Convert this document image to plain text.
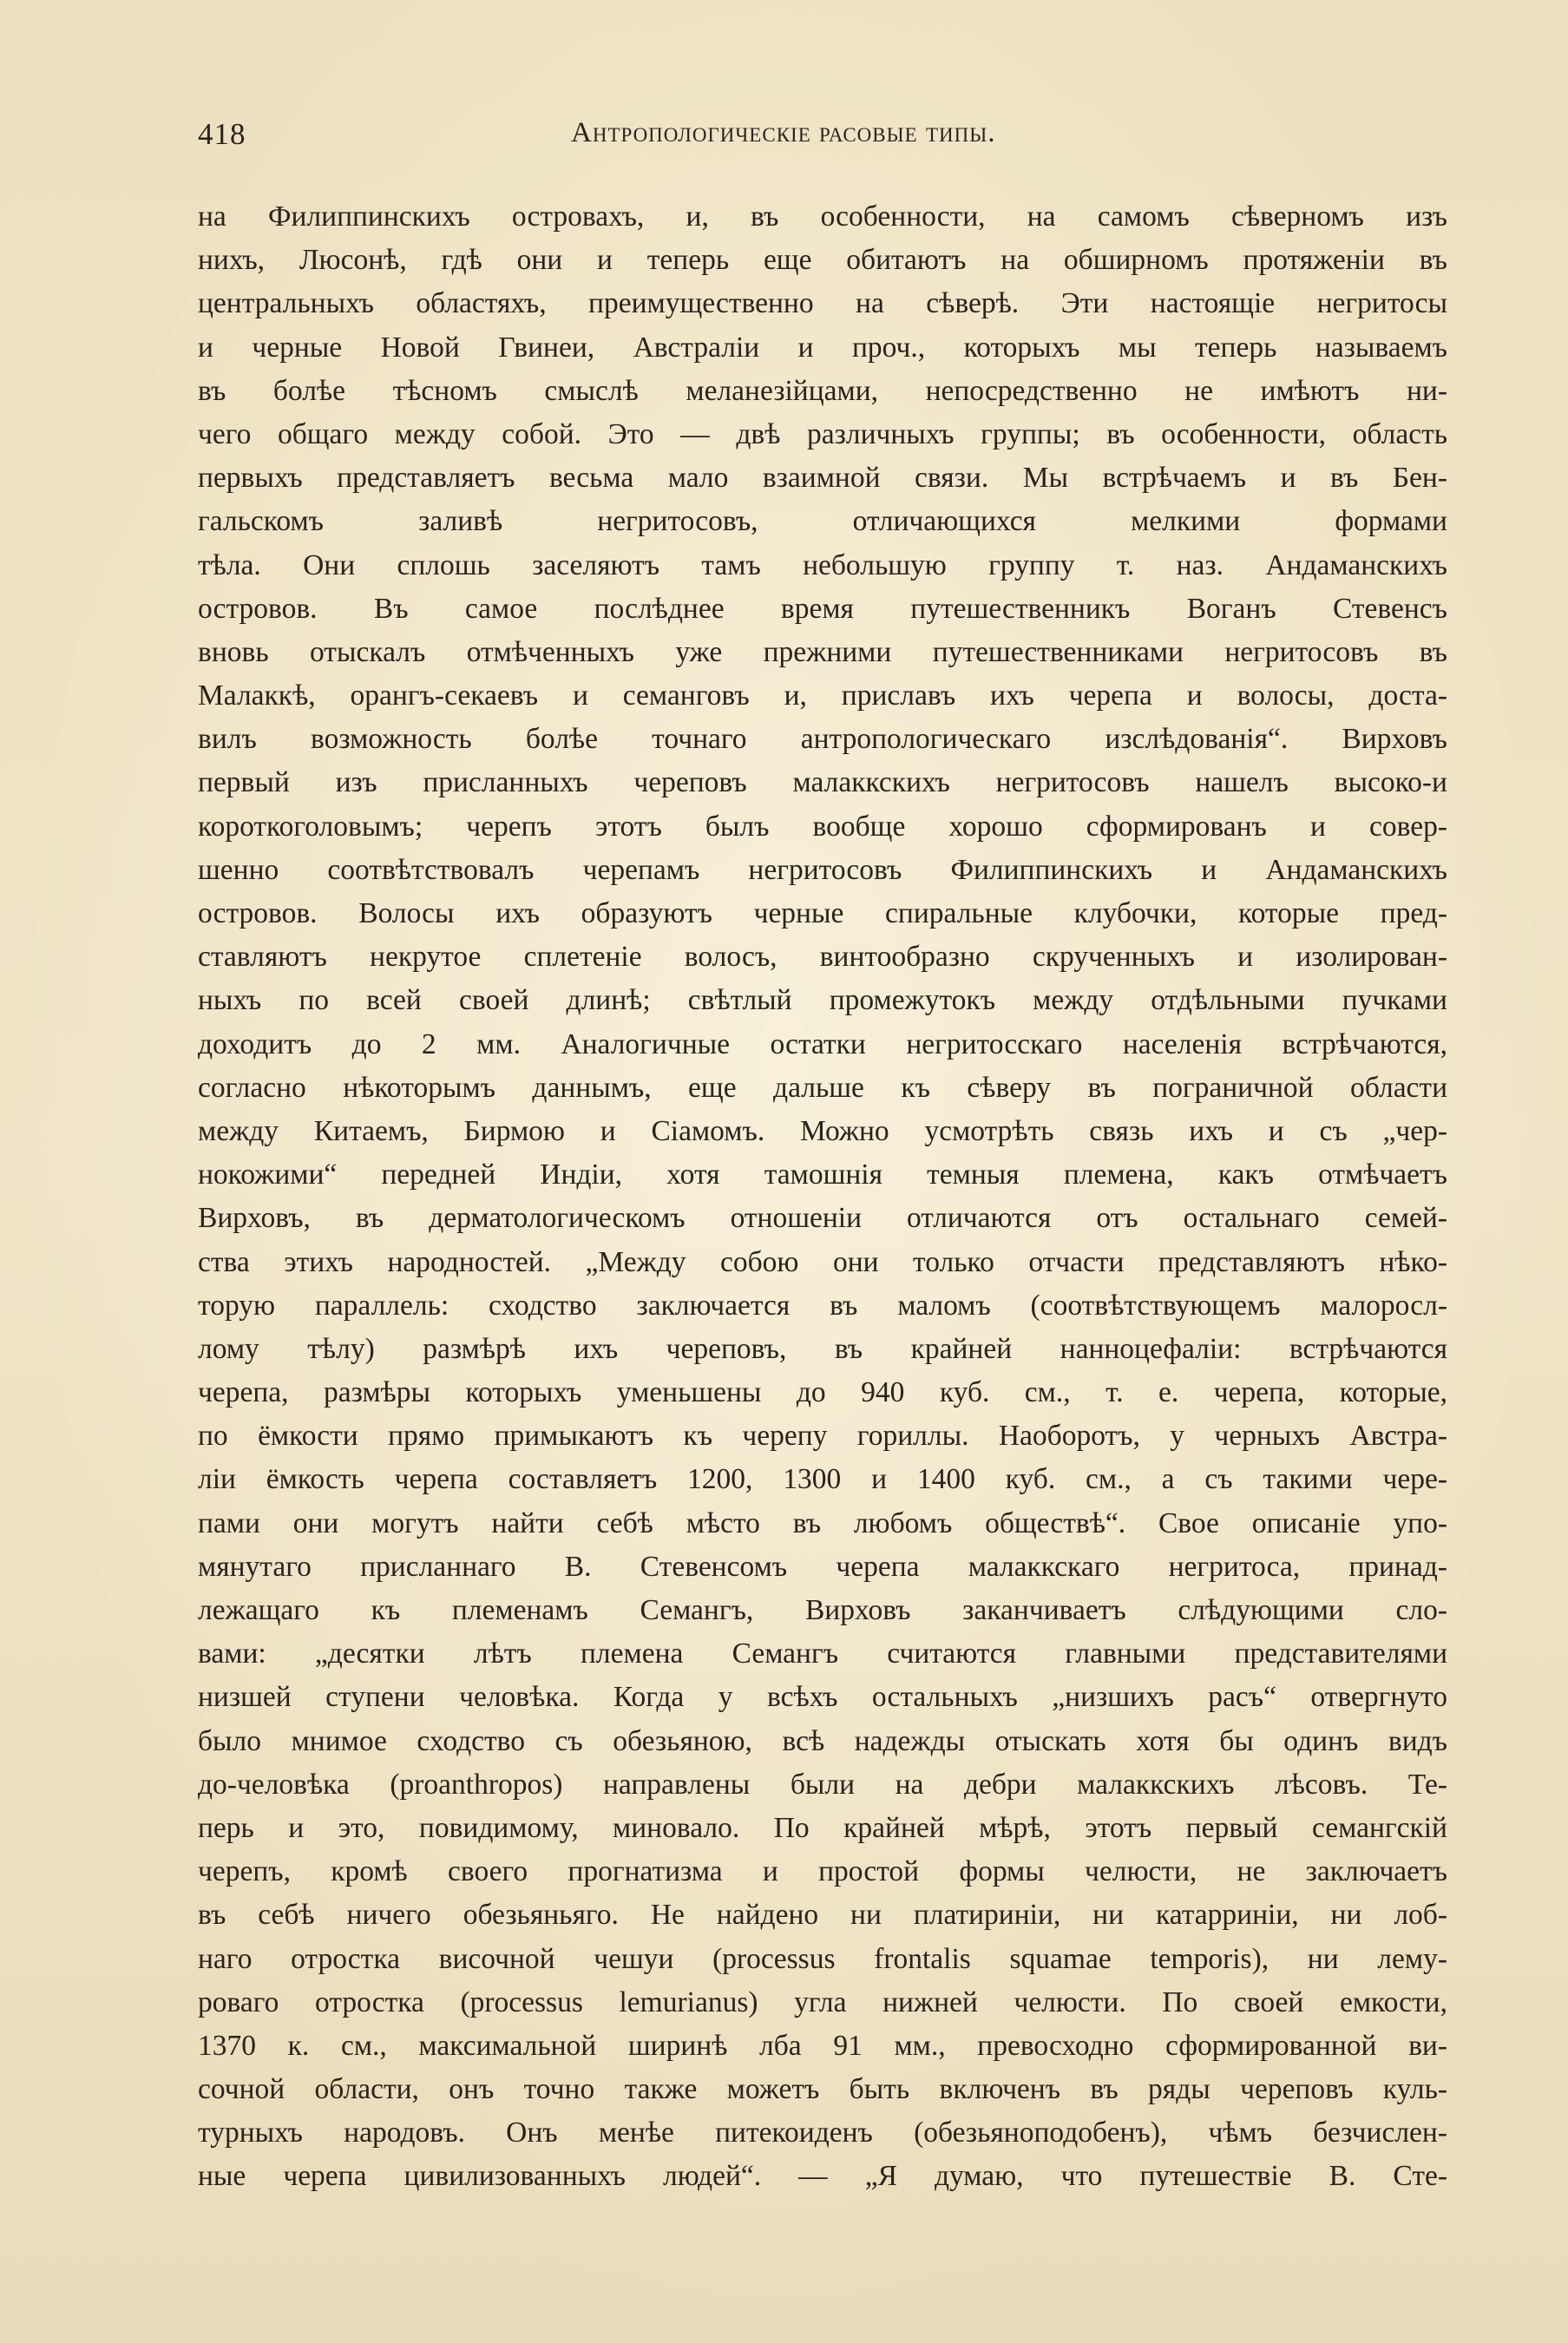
418	Антропологическiе расовые типы.
на Филиппинскихъ островахъ, и, въ особенности, на самомъ сѣверномъ изъ
нихъ, Люсонѣ, гдѣ они и теперь еще обитаютъ на обширномъ протяженiи въ
центральныхъ областяхъ, преимущественно на сѣверѣ. Эти настоящiе негритосы
и черные Новой Гвинеи, Австралiи и проч., которыхъ мы теперь называемъ
въ болѣе тѣсномъ смыслѣ меланезiйцами, непосредственно не имѣютъ ни-
чего общаго между собой. Это — двѣ различныхъ группы; въ особенности, область
первыхъ представляетъ весьма мало взаимной связи. Мы встрѣчаемъ и въ Бен-
гальскомъ заливѣ негритосовъ, отличающихся мелкими формами
тѣла. Они сплошь заселяютъ тамъ небольшую группу т. наз. Андаманскихъ
островов. Въ самое послѣднее время путешественникъ Воганъ Стевенсъ
вновь отыскалъ отмѣченныхъ уже прежними путешественниками негритосовъ въ
Малаккѣ, орангъ-секаевъ и семанговъ и, приславъ ихъ черепа и волосы, доста-
вилъ возможность болѣе точнаго антропологическаго изслѣдованiя“. Вирховъ
первый изъ присланныхъ череповъ малаккскихъ негритосовъ нашелъ высоко-и
короткоголовымъ; черепъ этотъ былъ вообще хорошо сформированъ и совер-
шенно соотвѣтствовалъ черепамъ негритосовъ Филиппинскихъ и Андаманскихъ
островов. Волосы ихъ образуютъ черные спиральные клубочки, которые пред-
ставляютъ некрутое сплетенiе волосъ, винтообразно скрученныхъ и изолирован-
ныхъ по всей своей длинѣ; свѣтлый промежутокъ между отдѣльными пучками
доходитъ до 2 мм. Аналогичные остатки негритосскаго населенiя встрѣчаются,
согласно нѣкоторымъ даннымъ, еще дальше къ сѣверу въ пограничной области
между Китаемъ, Бирмою и Сiамомъ. Можно усмотрѣть связь ихъ и съ „чер-
нокожими“ передней Индiи, хотя тамошнiя темныя племена, какъ отмѣчаетъ
Вирховъ, въ дерматологическомъ отношенiи отличаются отъ остальнаго семей-
ства этихъ народностей. „Между собою они только отчасти представляютъ нѣко-
торую параллель: сходство заключается въ маломъ (соотвѣтствующемъ малоросл-
лому тѣлу) размѣрѣ ихъ череповъ, въ крайней нанноцефалiи: встрѣчаются
черепа, размѣры которыхъ уменьшены до 940 куб. см., т. е. черепа, которые,
по ёмкости прямо примыкаютъ къ черепу гориллы. Наоборотъ, у черныхъ Австра-
лiи ёмкость черепа составляетъ 1200, 1300 и 1400 куб. см., а съ такими чере-
пами они могутъ найти себѣ мѣсто въ любомъ обществѣ“. Свое описанiе упо-
мянутаго присланнаго В. Стевенсомъ черепа малаккскаго негритоса, принад-
лежащаго къ племенамъ Семангъ, Вирховъ заканчиваетъ слѣдующими сло-
вами: „десятки лѣтъ племена Семангъ считаются главными представителями
низшей ступени человѣка. Когда у всѣхъ остальныхъ „низшихъ расъ“ отвергнуто
было мнимое сходство съ обезьяною, всѣ надежды отыскать хотя бы одинъ видъ
до-человѣка (proanthropos) направлены были на дебри малаккскихъ лѣсовъ. Те-
перь и это, повидимому, миновало. По крайней мѣрѣ, этотъ первый семангскiй
черепъ, кромѣ своего прогнатизма и простой формы челюсти, не заключаетъ
въ себѣ ничего обезьяньяго. Не найдено ни платиринiи, ни катарринiи, ни лоб-
наго отростка височной чешуи (processus frontalis squamae temporis), ни лему-
роваго отростка (processus lemurianus) угла нижней челюсти. По своей емкости,
1370 к. см., максимальной ширинѣ лба 91 мм., превосходно сформированной ви-
сочной области, онъ точно также можетъ быть включенъ въ ряды череповъ куль-
турныхъ народовъ. Онъ менѣе питекоиденъ (обезьяноподобенъ), чѣмъ безчислен-
ные черепа цивилизованныхъ людей“. — „Я думаю, что путешествiе В. Сте-
